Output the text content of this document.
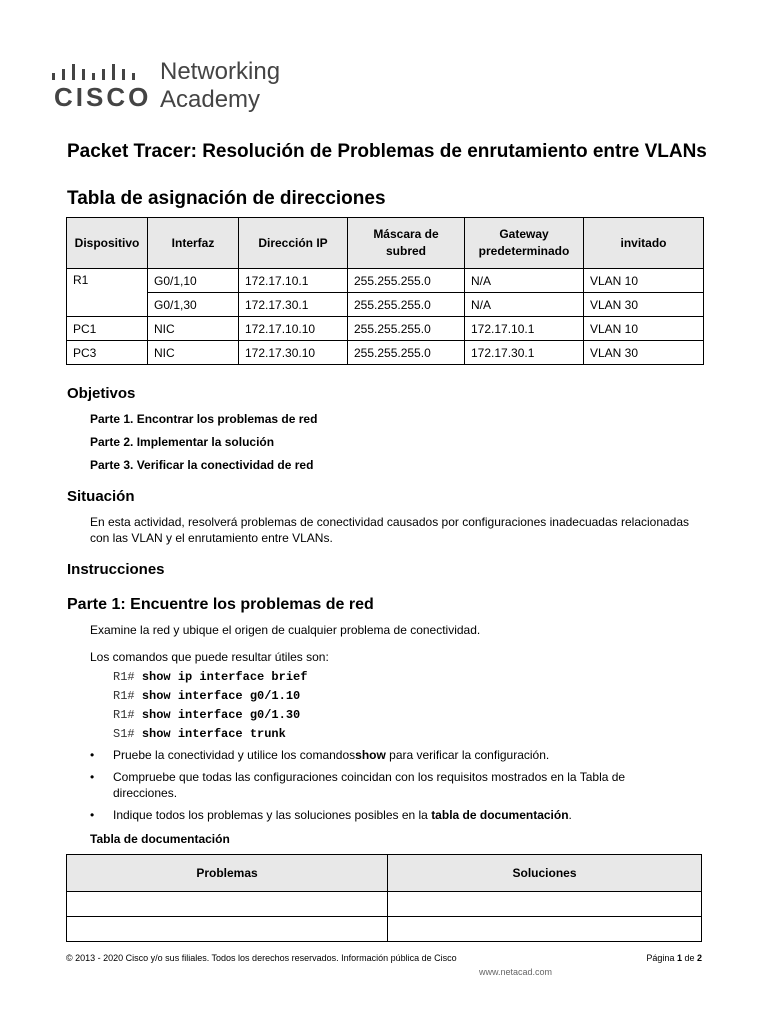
CISCO
Networking
Academy
Packet Tracer: Resolución de Problemas de enrutamiento entre VLANs
Tabla de asignación de direcciones
Dispositivo	Interfaz	Dirección IP	Máscara de subred	Gateway predeterminado	invitado
R1	G0/1,10	172.17.10.1	255.255.255.0	N/A	VLAN 10
	G0/1,30	172.17.30.1	255.255.255.0	N/A	VLAN 30
PC1	NIC	172.17.10.10	255.255.255.0	172.17.10.1	VLAN 10
PC3	NIC	172.17.30.10	255.255.255.0	172.17.30.1	VLAN 30
Objetivos
Parte 1. Encontrar los problemas de red
Parte 2. Implementar la solución
Parte 3. Verificar la conectividad de red
Situación
En esta actividad, resolverá problemas de conectividad causados por configuraciones inadecuadas relacionadas con las VLAN y el enrutamiento entre VLANs.
Instrucciones
Parte 1: Encuentre los problemas de red
Examine la red y ubique el origen de cualquier problema de conectividad.
Los comandos que puede resultar útiles son:
R1# show ip interface brief
R1# show interface g0/1.10
R1# show interface g0/1.30
S1# show interface trunk
• Pruebe la conectividad y utilice los comandosshow para verificar la configuración.
• Compruebe que todas las configuraciones coincidan con los requisitos mostrados en la Tabla de direcciones.
• Indique todos los problemas y las soluciones posibles en la tabla de documentación.
Tabla de documentación
Problemas	Soluciones

© 2013 - 2020 Cisco y/o sus filiales. Todos los derechos reservados. Información pública de Cisco	Página 1 de 2
www.netacad.com
